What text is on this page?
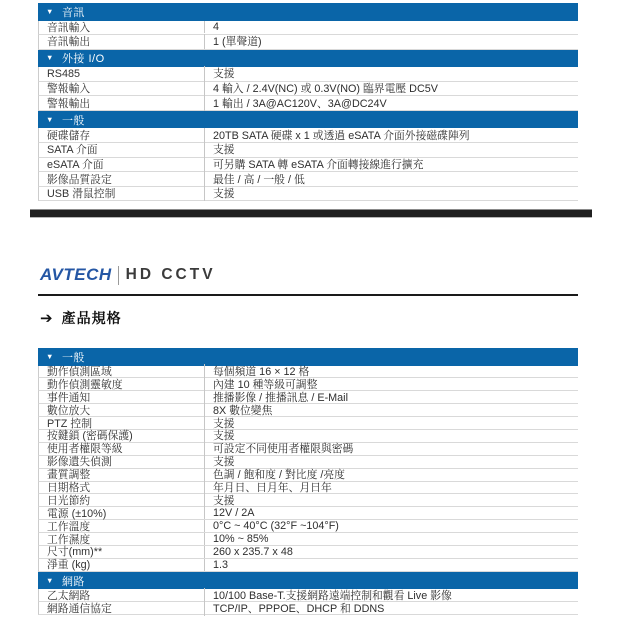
▼ 音訊
音訊輸入	4
音訊輸出	1 (單聲道)
▼ 外接 I/O
RS485	支援
警報輸入	4 輸入 / 2.4V(NC) 或 0.3V(NO) 臨界電壓 DC5V
警報輸出	1 輸出 / 3A@AC120V、3A@DC24V
▼ 一般
硬碟儲存	20TB SATA 硬碟 x 1 或透過 eSATA 介面外接磁碟陣列
SATA 介面	支援
eSATA 介面	可另購 SATA 轉 eSATA 介面轉接線進行擴充
影像品質設定	最佳 / 高 / 一般 / 低
USB 滑鼠控制	支援
AVTECH HD CCTV
➔ 產品規格
▼ 一般
動作偵測區域	每個頻道 16 × 12 格
動作偵測靈敏度	內建 10 種等級可調整
事件通知	推播影像 / 推播訊息 / E-Mail
數位放大	8X 數位變焦
PTZ 控制	支援
按鍵鎖 (密碼保護)	支援
使用者權限等級	可設定不同使用者權限與密碼
影像遺失偵測	支援
畫質調整	色調 / 飽和度 / 對比度 /亮度
日期格式	年月日、日月年、月日年
日光節約	支援
電源 (±10%)	12V / 2A
工作溫度	0°C ~ 40°C (32°F ~104°F)
工作濕度	10% ~ 85%
尺寸(mm)**	260 x 235.7 x 48
淨重 (kg)	1.3
▼ 網路
乙太網路	10/100 Base-T.支援網路遠端控制和觀看 Live 影像
網路通信協定	TCP/IP、PPPOE、DHCP 和 DDNS
